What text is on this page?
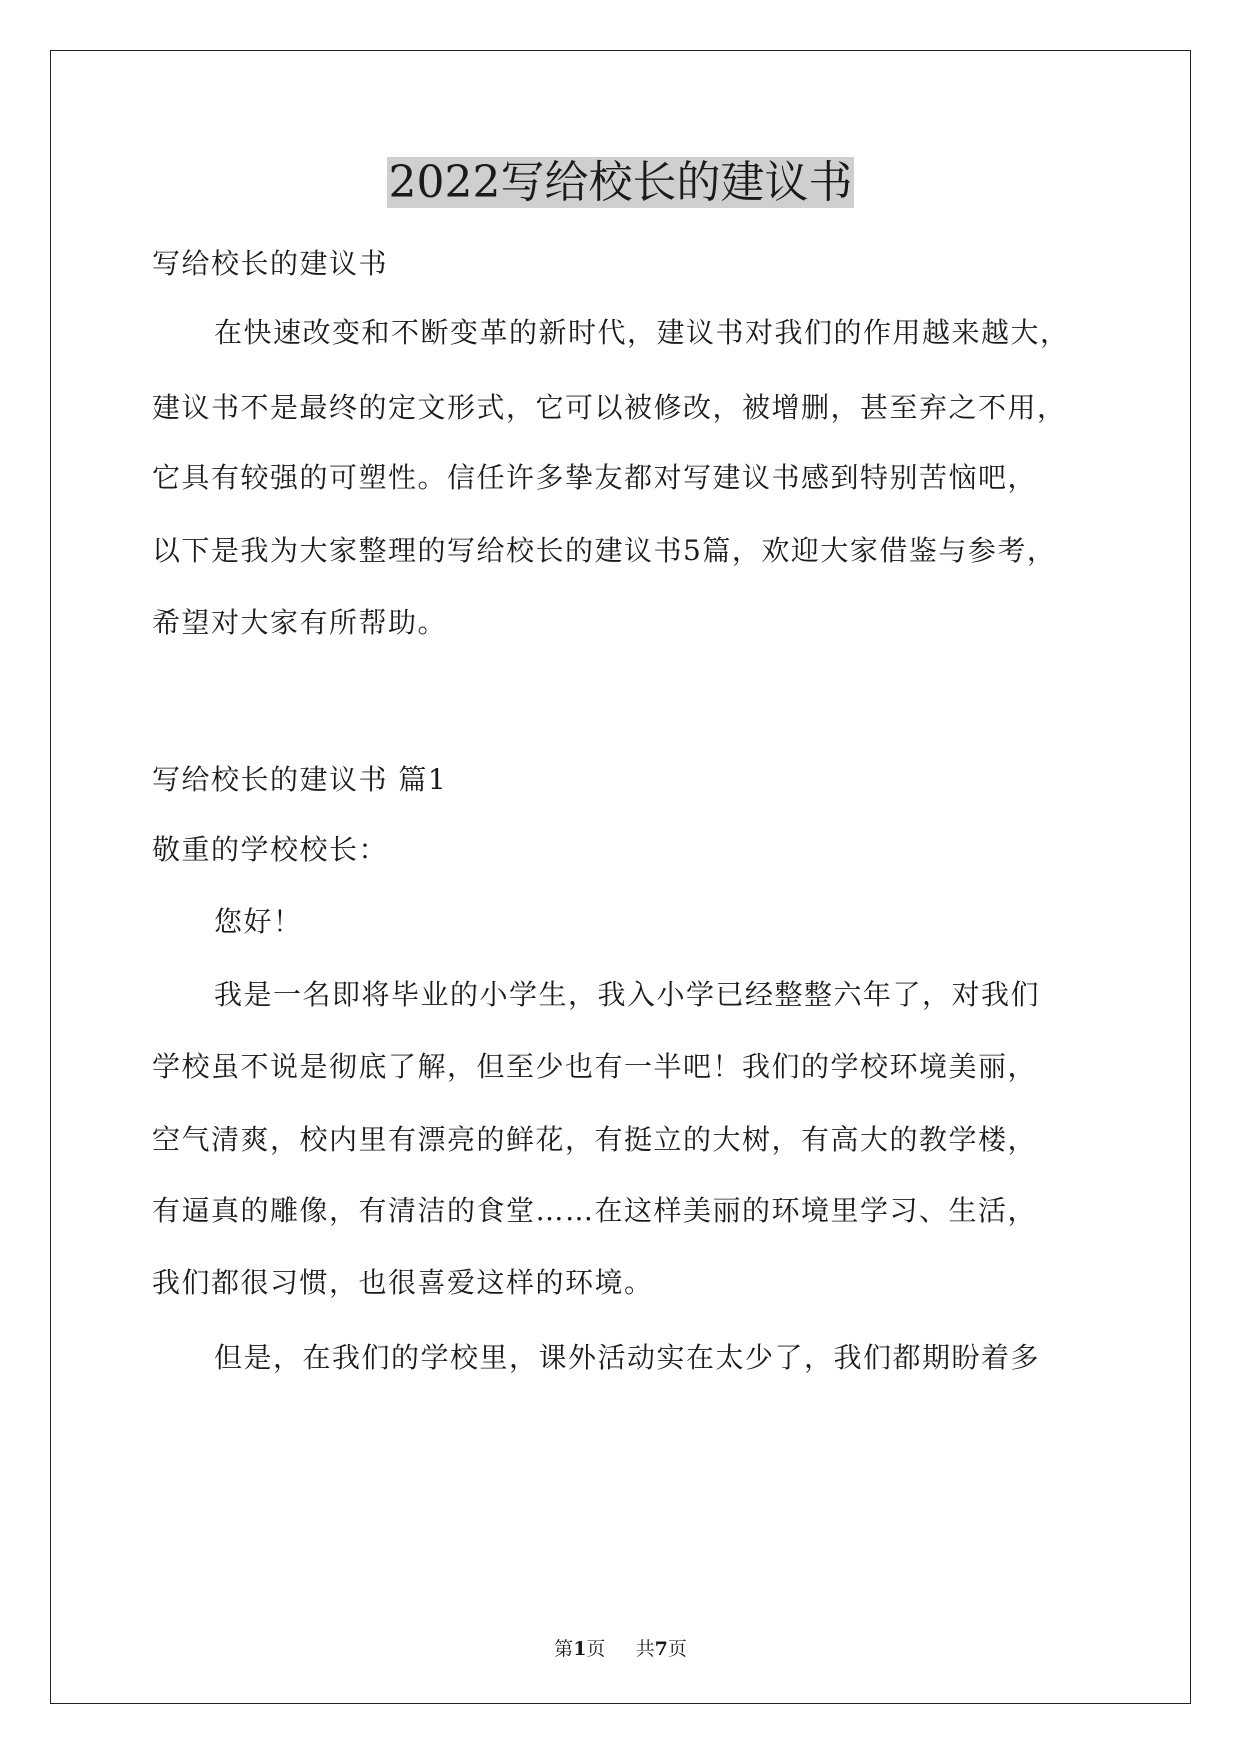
2022写给校长的建议书
写给校长的建议书
在快速改变和不断变革的新时代，建议书对我们的作用越来越大，
建议书不是最终的定文形式，它可以被修改，被增删，甚至弃之不用，
它具有较强的可塑性。信任许多挚友都对写建议书感到特别苦恼吧，
以下是我为大家整理的写给校长的建议书5篇，欢迎大家借鉴与参考，
希望对大家有所帮助。
写给校长的建议书 篇1
敬重的学校校长：
您好！
我是一名即将毕业的小学生，我入小学已经整整六年了，对我们
学校虽不说是彻底了解，但至少也有一半吧！我们的学校环境美丽，
空气清爽，校内里有漂亮的鲜花，有挺立的大树，有高大的教学楼，
有逼真的雕像，有清洁的食堂……在这样美丽的环境里学习、生活，
我们都很习惯，也很喜爱这样的环境。
但是，在我们的学校里，课外活动实在太少了，我们都期盼着多
第1页 共7页
